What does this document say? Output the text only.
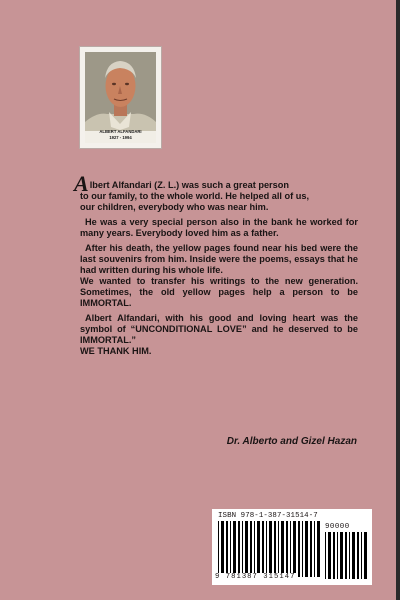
ALBERT ALFANDARI
1927 - 1994

Albert Alfandari (Z. L.) was such a great person

to our family, to the whole world. He helped all of us,

our children, everybody who was near him.

He was a very special person also in the bank he worked for many years. Everybody loved him as a father.

After his death, the yellow pages found near his bed were the last souvenirs from him. Inside were the poems, essays that he had written during his whole life.

We wanted to transfer his writings to the new generation. Sometimes, the old yellow pages help a person to be IMMORTAL.

Albert Alfandari, with his good and loving heart was the symbol of “UNCONDITIONAL LOVE” and he deserved to be IMMORTAL.”

WE THANK HIM.

Dr. Alberto and Gizel Hazan
ISBN 978-1-387-31514-7
90000
9 781387 315147
